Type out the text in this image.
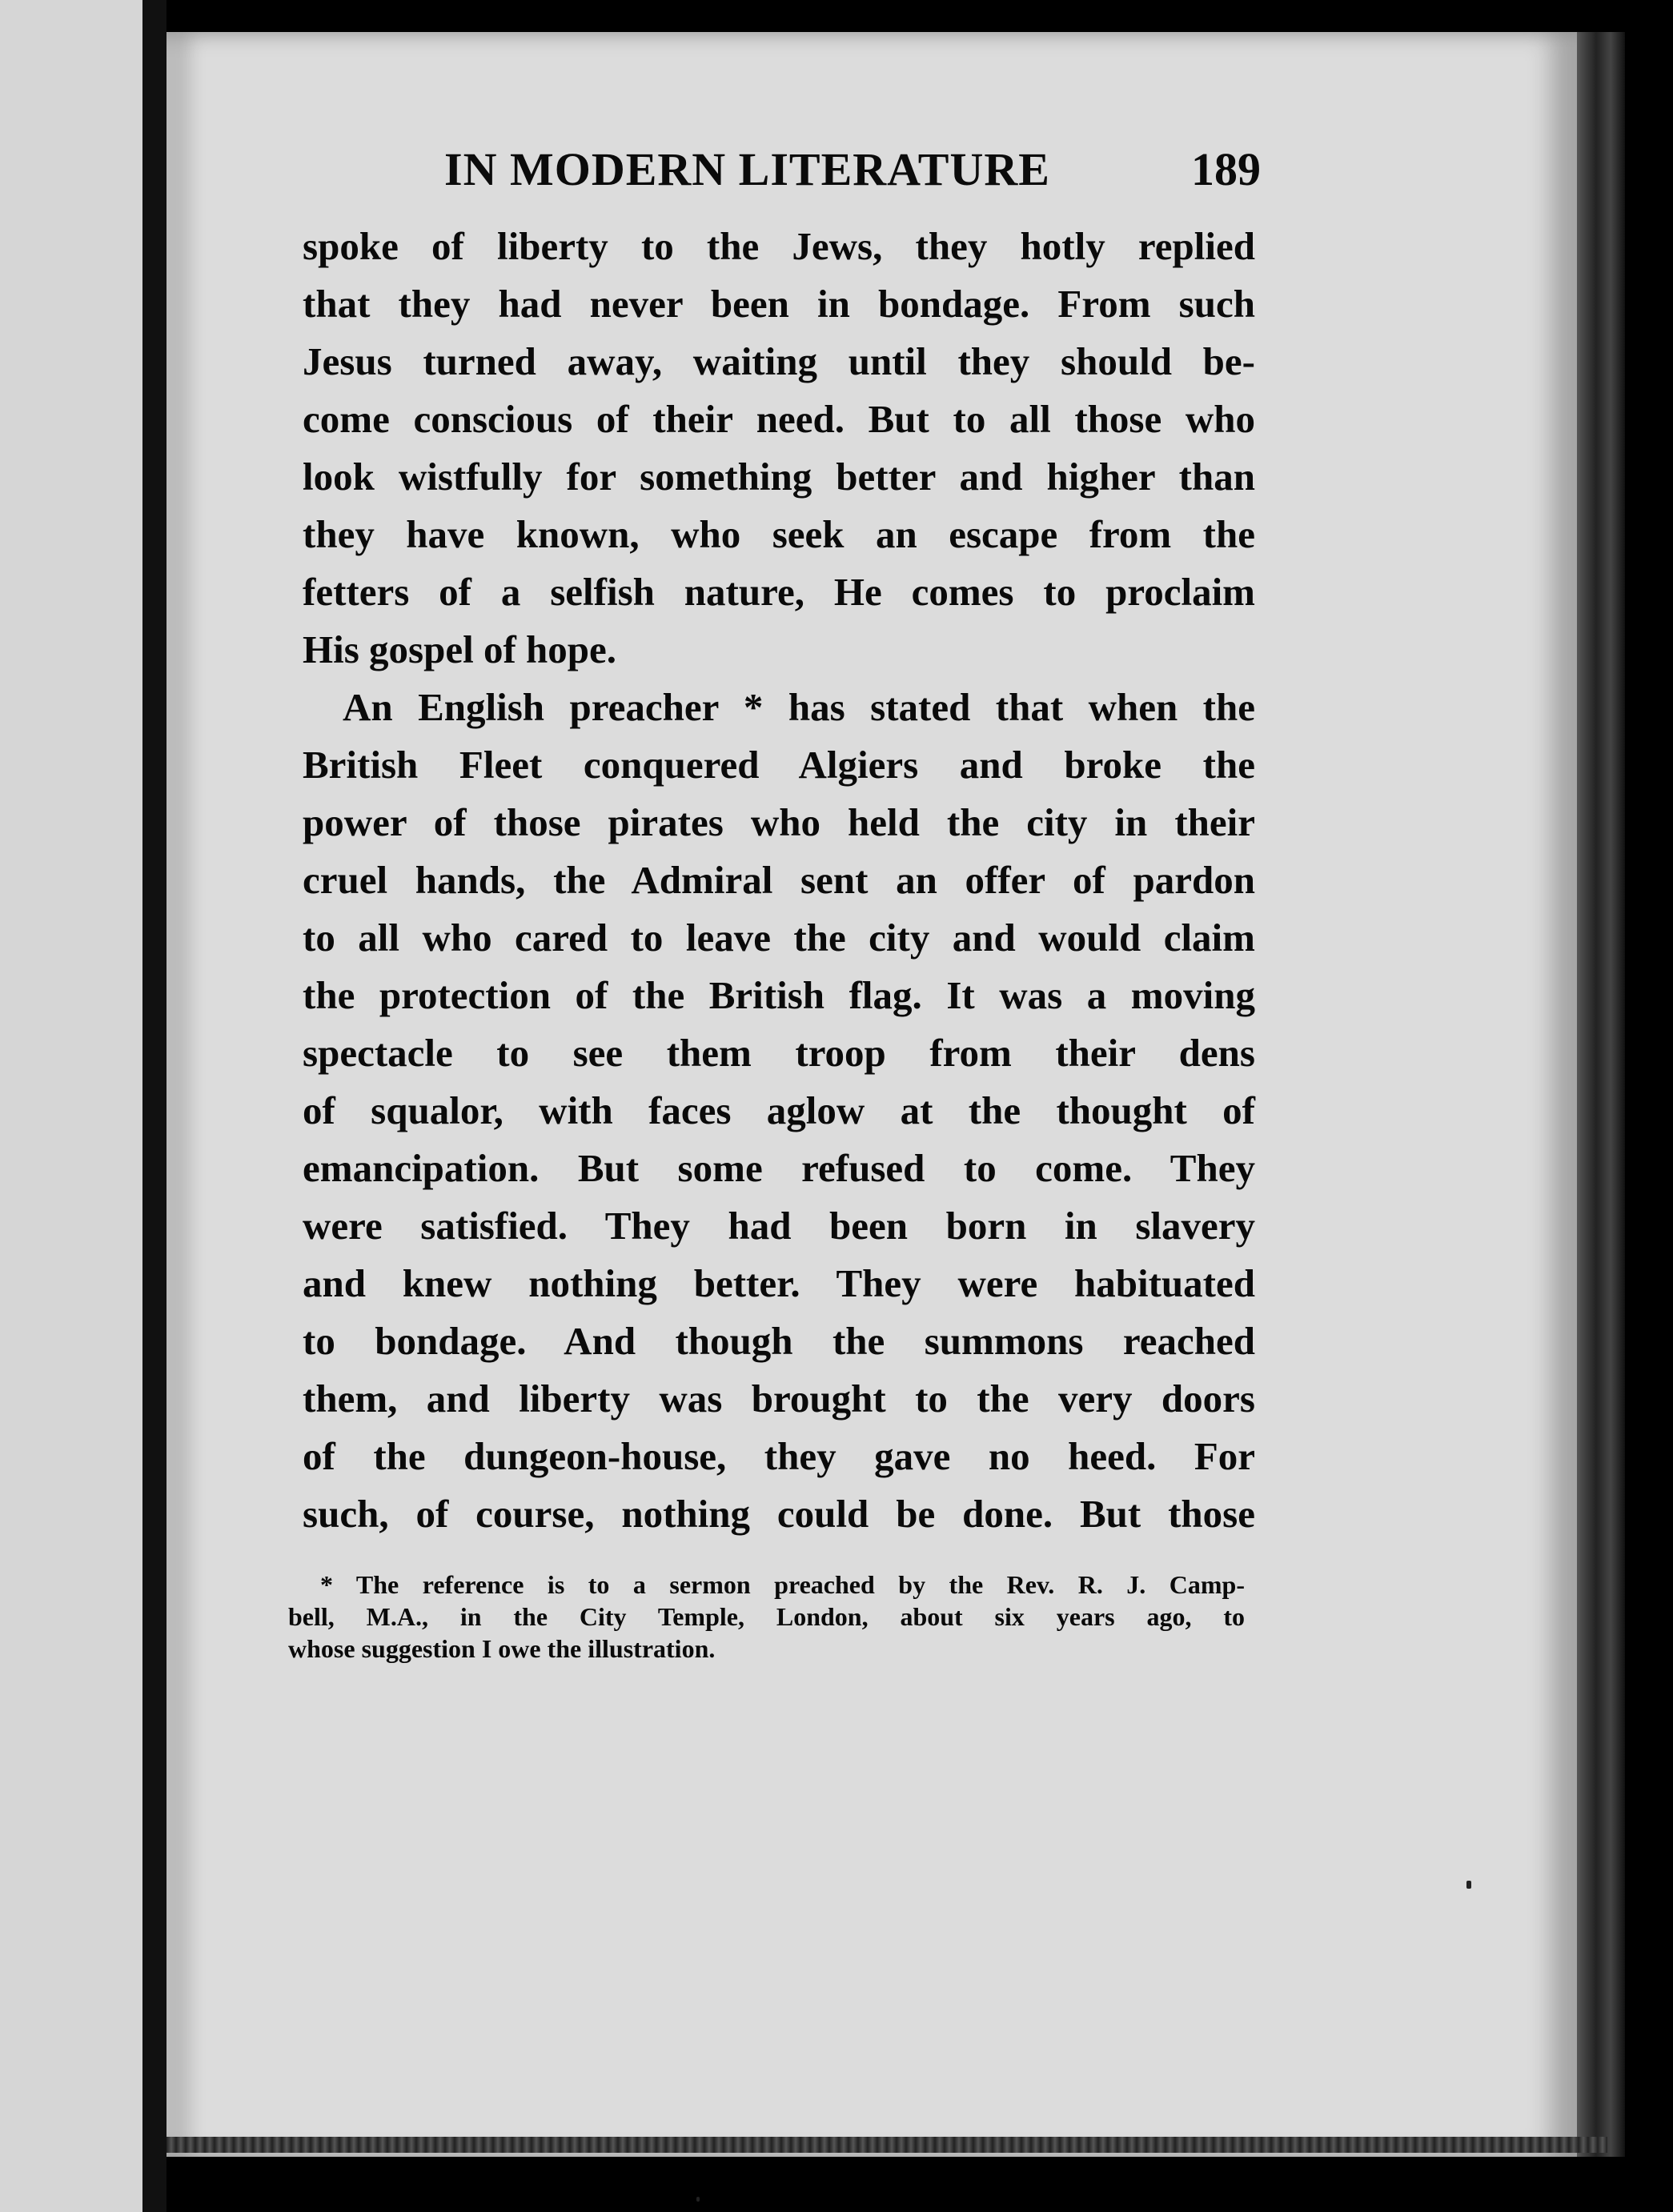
IN MODERN LITERATURE	189
spoke of liberty to the Jews, they hotly replied
that they had never been in bondage. From such
Jesus turned away, waiting until they should be-
come conscious of their need. But to all those who
look wistfully for something better and higher than
they have known, who seek an escape from the
fetters of a selfish nature, He comes to proclaim
His gospel of hope.
An English preacher * has stated that when the
British Fleet conquered Algiers and broke the
power of those pirates who held the city in their
cruel hands, the Admiral sent an offer of pardon
to all who cared to leave the city and would claim
the protection of the British flag. It was a moving
spectacle to see them troop from their dens
of squalor, with faces aglow at the thought of
emancipation. But some refused to come. They
were satisfied. They had been born in slavery
and knew nothing better. They were habituated
to bondage. And though the summons reached
them, and liberty was brought to the very doors
of the dungeon-house, they gave no heed. For
such, of course, nothing could be done. But those
* The reference is to a sermon preached by the Rev. R. J. Camp-
bell, M.A., in the City Temple, London, about six years ago, to
whose suggestion I owe the illustration.
